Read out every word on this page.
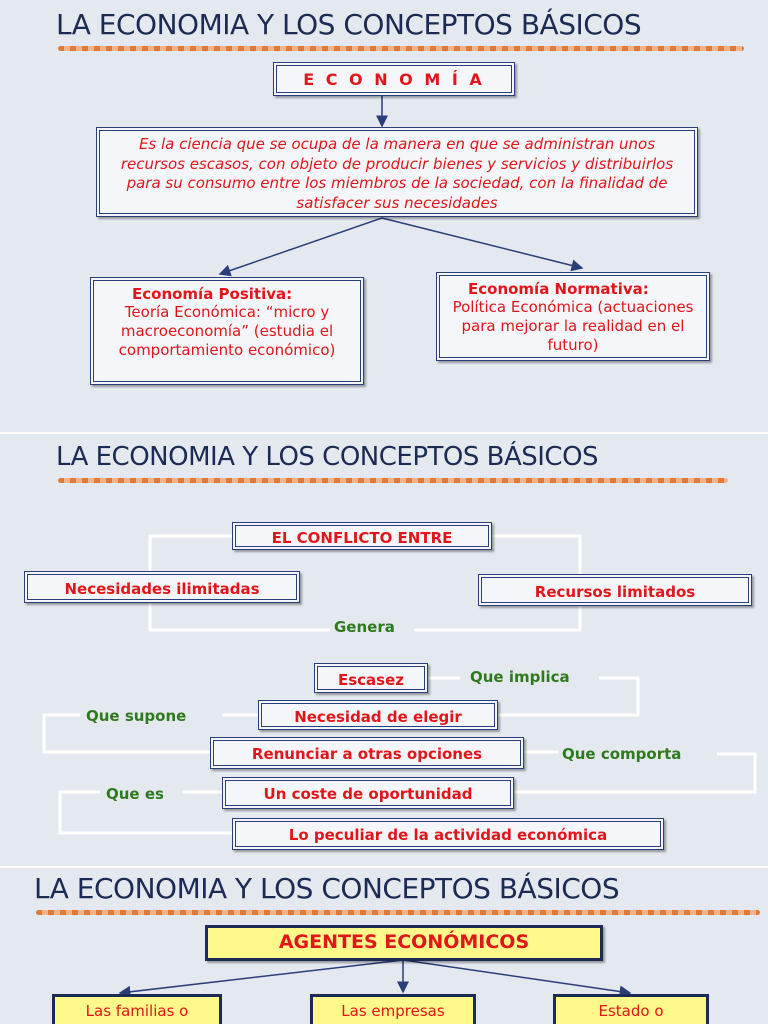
LA ECONOMIA Y LOS CONCEPTOS BÁSICOS
E C O N O M Í A
Es la ciencia que se ocupa de la manera en que se administran unos recursos escasos, con objeto de producir bienes y servicios y distribuirlos para su consumo entre los miembros de la sociedad, con la finalidad de satisfacer sus necesidades
Economía Positiva:
Teoría Económica: “micro y macroeconomía” (estudia el comportamiento económico)
Economía Normativa:
Política Económica (actuaciones para mejorar la realidad en el futuro)
LA ECONOMIA Y LOS CONCEPTOS BÁSICOS
EL CONFLICTO ENTRE
Necesidades ilimitadas	Recursos limitados
Genera
Escasez	Que implica
Que supone	Necesidad de elegir
Renunciar a otras opciones	Que comporta
Que es	Un coste de oportunidad
Lo peculiar de la actividad económica
LA ECONOMIA Y LOS CONCEPTOS BÁSICOS
AGENTES ECONÓMICOS
Las familias o	Las empresas	Estado o
